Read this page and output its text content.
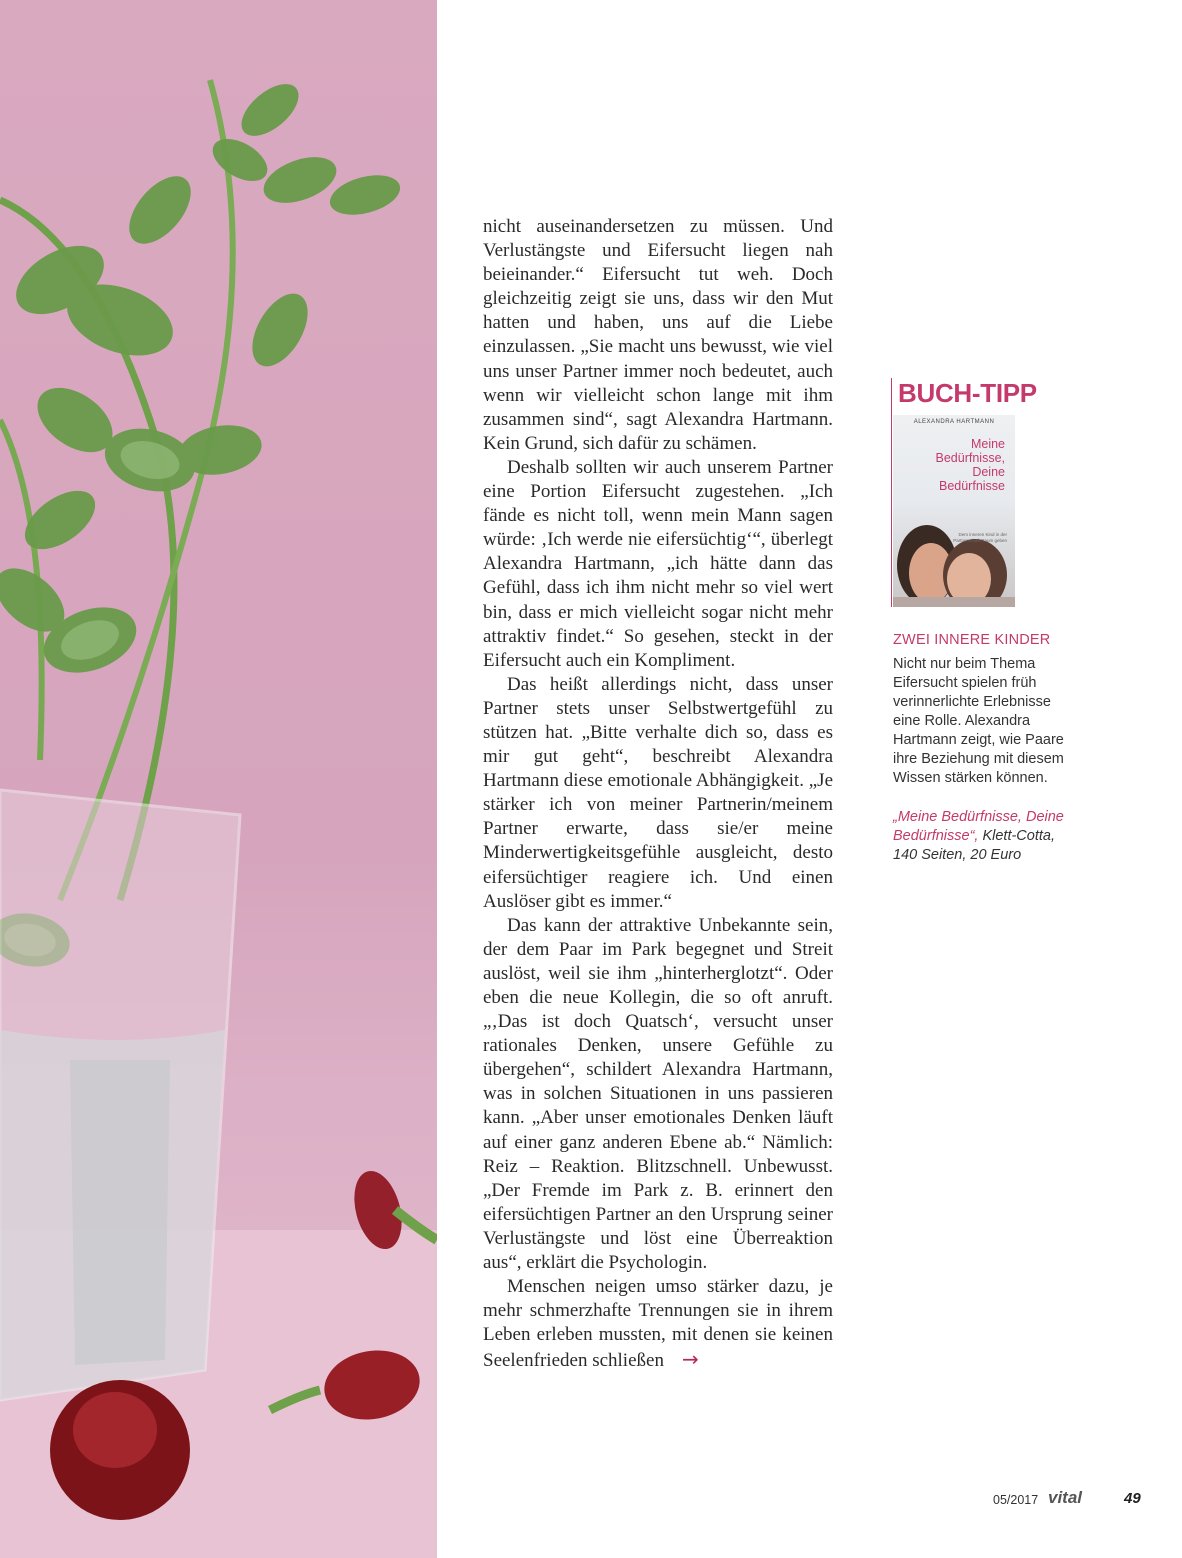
nicht auseinandersetzen zu müssen. Und Verlustängste und Eifersucht liegen nah beieinander.“ Eifersucht tut weh. Doch gleichzeitig zeigt sie uns, dass wir den Mut hatten und haben, uns auf die Liebe einzulassen. „Sie macht uns bewusst, wie viel uns unser Partner immer noch bedeutet, auch wenn wir vielleicht schon lange mit ihm zusammen sind“, sagt Alexandra Hartmann. Kein Grund, sich dafür zu schämen.

Deshalb sollten wir auch unserem Partner eine Portion Eifersucht zugestehen. „Ich fände es nicht toll, wenn mein Mann sagen würde: ‚Ich werde nie eifersüchtig‘“, überlegt Alexandra Hartmann, „ich hätte dann das Gefühl, dass ich ihm nicht mehr so viel wert bin, dass er mich vielleicht sogar nicht mehr attraktiv findet.“ So gesehen, steckt in der Eifersucht auch ein Kompliment.

Das heißt allerdings nicht, dass unser Partner stets unser Selbstwertgefühl zu stützen hat. „Bitte verhalte dich so, dass es mir gut geht“, beschreibt Alexandra Hartmann diese emotionale Abhängigkeit. „Je stärker ich von meiner Partnerin/meinem Partner erwarte, dass sie/er meine Minderwertigkeitsgefühle ausgleicht, desto eifersüchtiger reagiere ich. Und einen Auslöser gibt es immer.“

Das kann der attraktive Unbekannte sein, der dem Paar im Park begegnet und Streit auslöst, weil sie ihm „hinterherglotzt“. Oder eben die neue Kollegin, die so oft anruft. „‚Das ist doch Quatsch‘, versucht unser rationales Denken, unsere Gefühle zu übergehen“, schildert Alexandra Hartmann, was in solchen Situationen in uns passieren kann. „Aber unser emotionales Denken läuft auf einer ganz anderen Ebene ab.“ Nämlich: Reiz – Reaktion. Blitzschnell. Unbewusst. „Der Fremde im Park z. B. erinnert den eifersüchtigen Partner an den Ursprung seiner Verlustängste und löst eine Überreaktion aus“, erklärt die Psychologin.

Menschen neigen umso stärker dazu, je mehr schmerzhafte Trennungen sie in ihrem Leben erleben mussten, mit denen sie keinen Seelenfrieden schließen →

BUCH-TIPP
ALEXANDRA HARTMANN
Meine
Bedürfnisse,
Deine
Bedürfnisse
Dem inneren Kind in der Partnerschaft Raum geben
ZWEI INNERE KINDER
Nicht nur beim Thema Eifersucht spielen früh verinnerlichte Erlebnisse eine Rolle. Alexandra Hartmann zeigt, wie Paare ihre Beziehung mit diesem Wissen stärken können.
„Meine Bedürfnisse, Deine Bedürfnisse“, Klett-Cotta, 140 Seiten, 20 Euro
05/2017 vital	49
